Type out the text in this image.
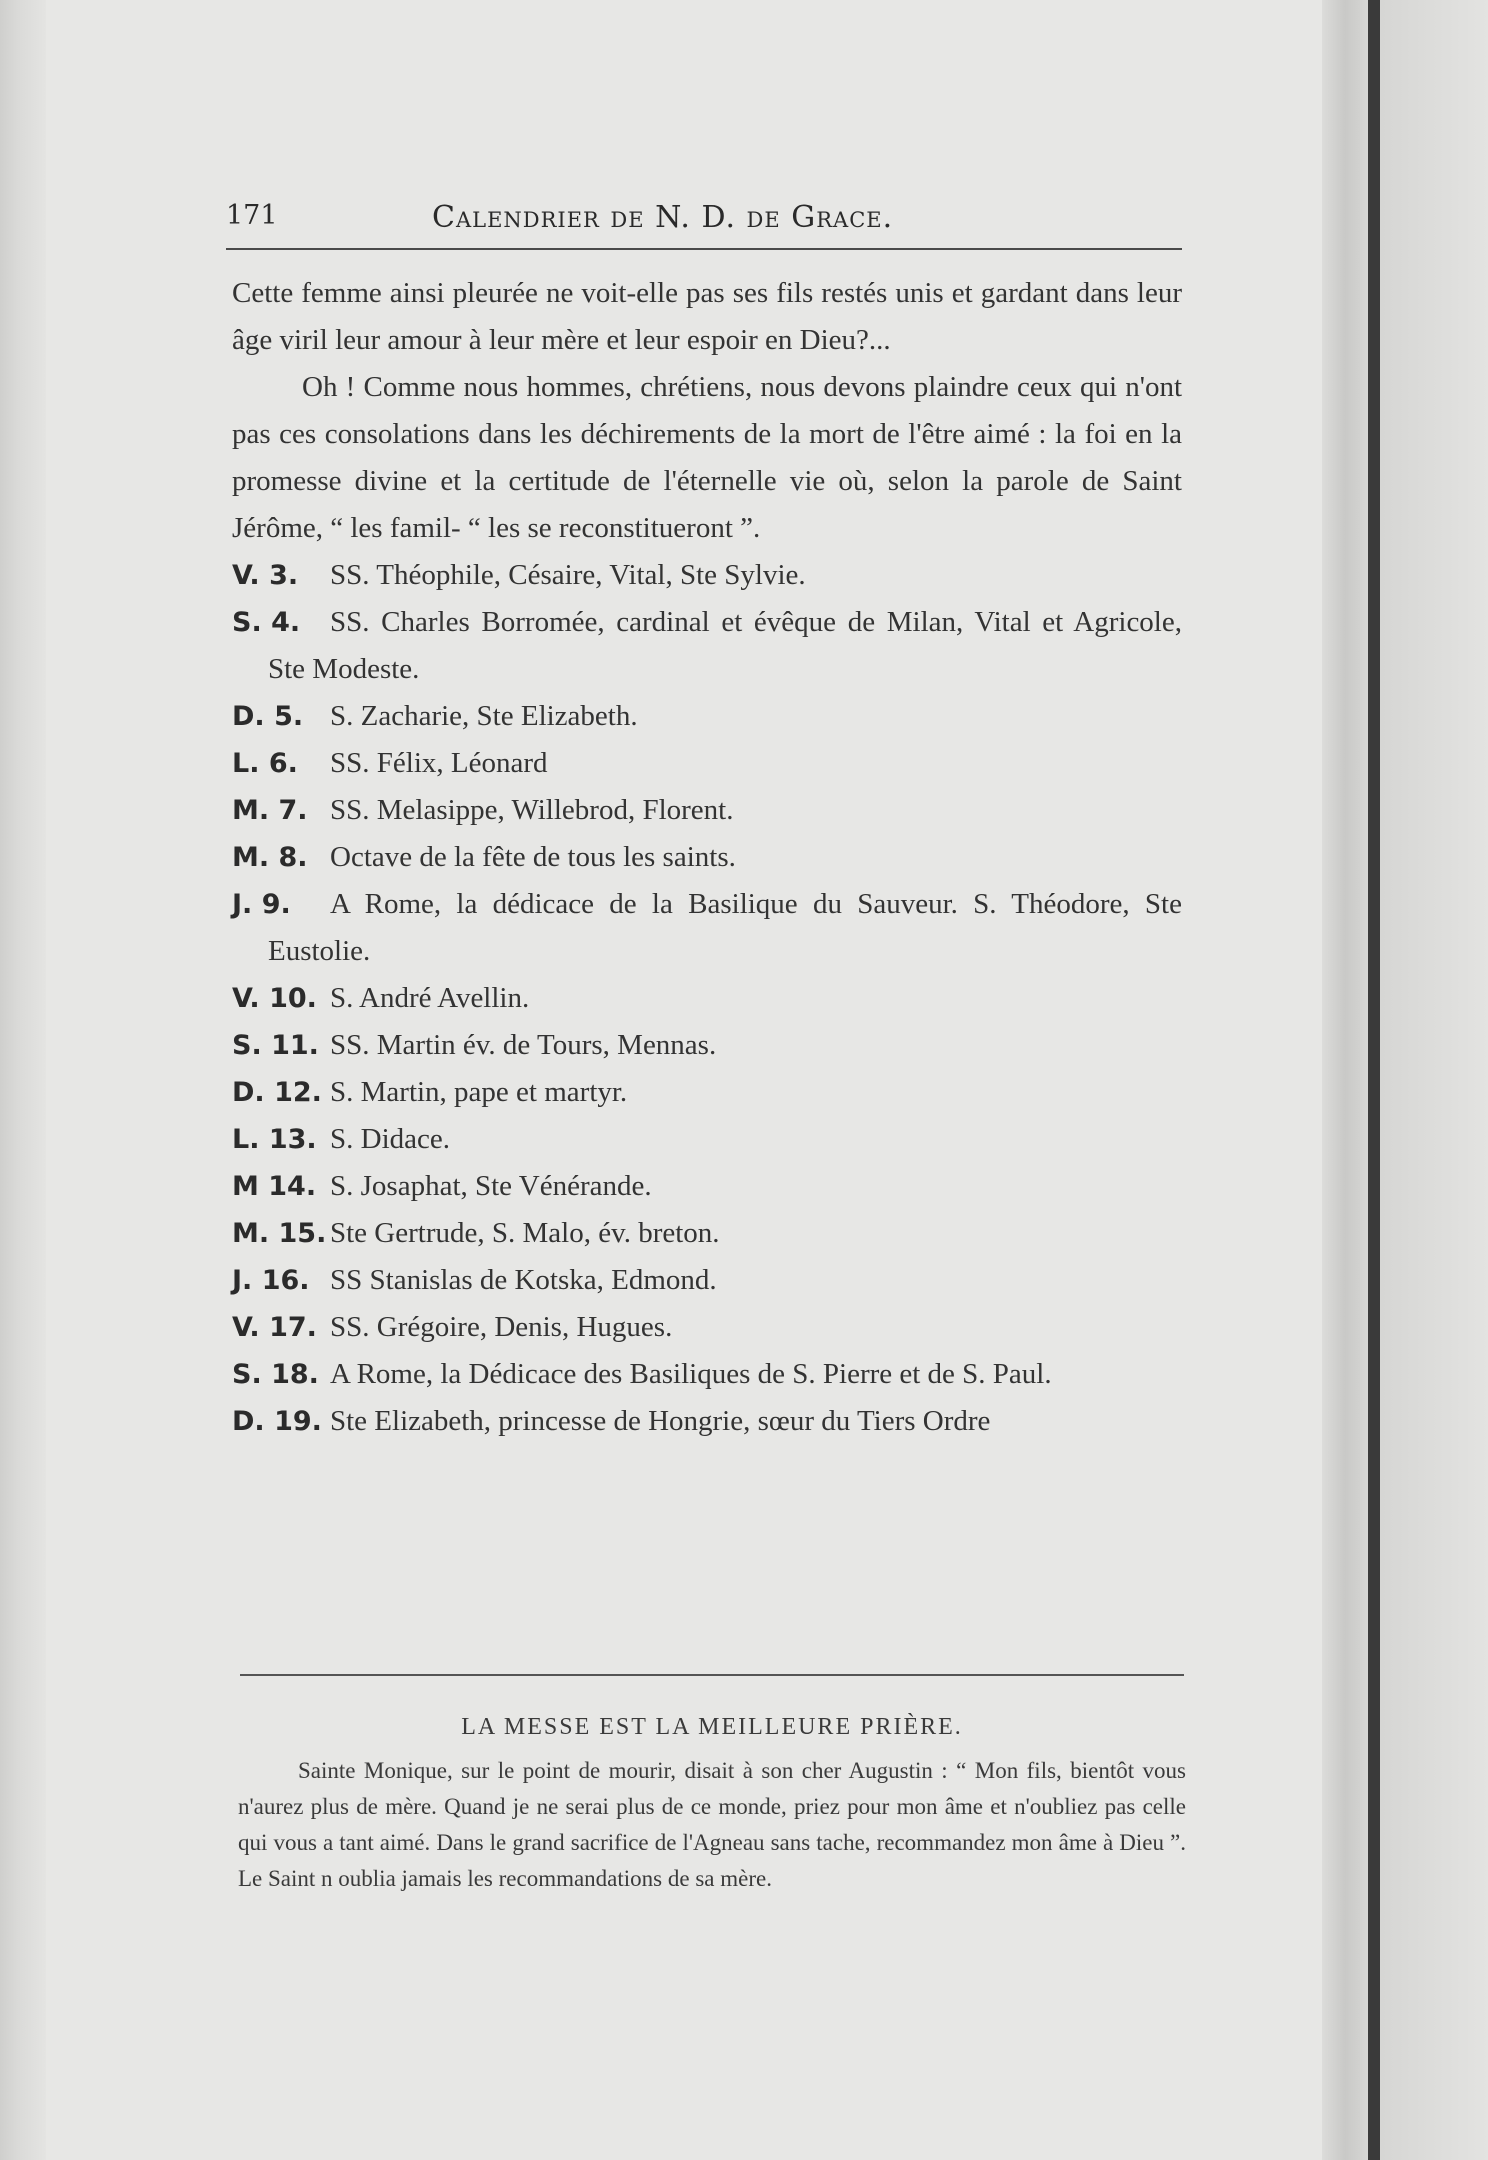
171	Calendrier de N. D. de Grace.

Cette femme ainsi pleurée ne voit-elle pas ses fils restés unis et gardant dans leur âge viril leur amour à leur mère et leur espoir en Dieu?...

Oh ! Comme nous hommes, chrétiens, nous devons plaindre ceux qui n'ont pas ces consolations dans les déchirements de la mort de l'être aimé : la foi en la promesse divine et la certitude de l'éternelle vie où, selon la parole de Saint Jérôme, “ les famil- “ les se reconstitueront ”.

V. 3. SS. Théophile, Césaire, Vital, Ste Sylvie.

S. 4. SS. Charles Borromée, cardinal et évêque de Milan, Vital et Agricole, Ste Modeste.

D. 5. S. Zacharie, Ste Elizabeth.

L. 6. SS. Félix, Léonard

M. 7. SS. Melasippe, Willebrod, Florent.

M. 8. Octave de la fête de tous les saints.

J. 9. A Rome, la dédicace de la Basilique du Sauveur. S. Théodore, Ste Eustolie.

V. 10. S. André Avellin.

S. 11. SS. Martin év. de Tours, Mennas.

D. 12. S. Martin, pape et martyr.

L. 13. S. Didace.

M 14. S. Josaphat, Ste Vénérande.

M. 15. Ste Gertrude, S. Malo, év. breton.

J. 16. SS Stanislas de Kotska, Edmond.

V. 17. SS. Grégoire, Denis, Hugues.

S. 18. A Rome, la Dédicace des Basiliques de S. Pierre et de S. Paul.

D. 19. Ste Elizabeth, princesse de Hongrie, sœur du Tiers Ordre

LA MESSE EST LA MEILLEURE PRIÈRE.

Sainte Monique, sur le point de mourir, disait à son cher Augustin : “ Mon fils, bientôt vous n'aurez plus de mère. Quand je ne serai plus de ce monde, priez pour mon âme et n'oubliez pas celle qui vous a tant aimé. Dans le grand sacrifice de l'Agneau sans tache, recommandez mon âme à Dieu ”. Le Saint n oublia jamais les recommandations de sa mère.
